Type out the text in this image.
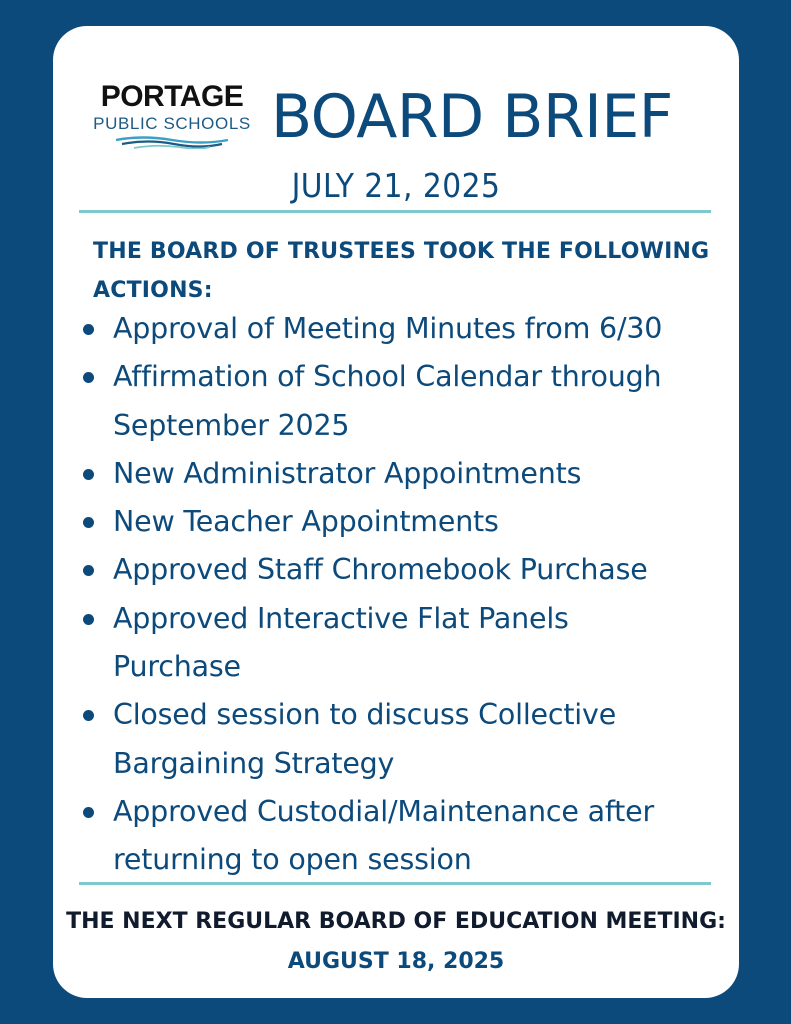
PORTAGE
PUBLIC SCHOOLS BOARD BRIEF
JULY 21, 2025
THE BOARD OF TRUSTEES TOOK THE FOLLOWING ACTIONS:
Approval of Meeting Minutes from 6/30
Affirmation of School Calendar through
September 2025
New Administrator Appointments
New Teacher Appointments
Approved Staff Chromebook Purchase
Approved Interactive Flat Panels
Purchase
Closed session to discuss Collective
Bargaining Strategy
Approved Custodial/Maintenance after
returning to open session
THE NEXT REGULAR BOARD OF EDUCATION MEETING:
AUGUST 18, 2025
